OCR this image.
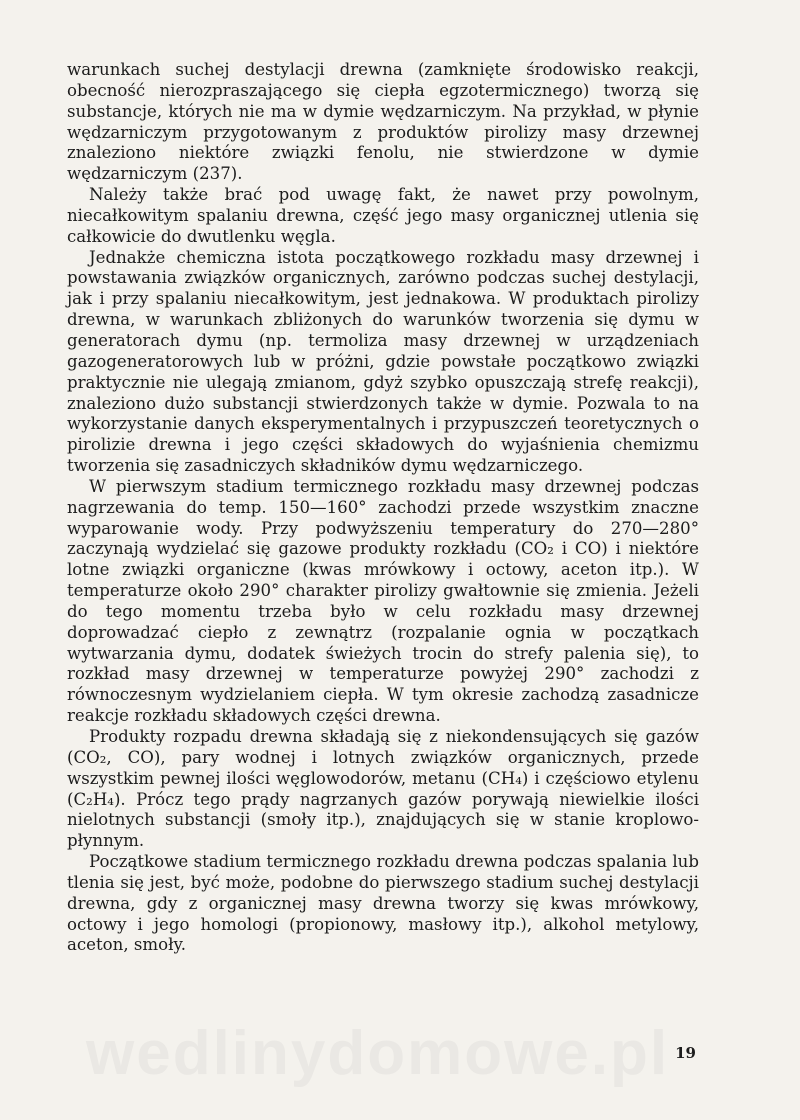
wedlinydomowe.pl

warunkach suchej destylacji drewna (zamknięte środowisko reakcji, obecność nierozpraszającego się ciepła egzotermicznego) tworzą się substancje, których nie ma w dymie wędzarniczym. Na przykład, w płynie wędzarniczym przygotowanym z produktów pirolizy masy drzewnej znaleziono niektóre związki fenolu, nie stwierdzone w dymie wędzarniczym (237).

Należy także brać pod uwagę fakt, że nawet przy powolnym, niecałkowitym spalaniu drewna, część jego masy organicznej utlenia się całkowicie do dwutlenku węgla.

Jednakże chemiczna istota początkowego rozkładu masy drzewnej i powstawania związków organicznych, zarówno podczas suchej destylacji, jak i przy spalaniu niecałkowitym, jest jednakowa. W produktach pirolizy drewna, w warunkach zbliżonych do warunków tworzenia się dymu w generatorach dymu (np. termoliza masy drzewnej w urządzeniach gazogeneratorowych lub w próżni, gdzie powstałe początkowo związki praktycznie nie ulegają zmianom, gdyż szybko opuszczają strefę reakcji), znaleziono dużo substancji stwierdzonych także w dymie. Pozwala to na wykorzystanie danych eksperymentalnych i przypuszczeń teoretycznych o pirolizie drewna i jego części składowych do wyjaśnienia chemizmu tworzenia się zasadniczych składników dymu wędzarniczego.

W pierwszym stadium termicznego rozkładu masy drzewnej podczas nagrzewania do temp. 150—160° zachodzi przede wszystkim znaczne wyparowanie wody. Przy podwyższeniu temperatury do 270—280° zaczynają wydzielać się gazowe produkty rozkładu (CO₂ i CO) i niektóre lotne związki organiczne (kwas mrówkowy i octowy, aceton itp.). W temperaturze około 290° charakter pirolizy gwałtownie się zmienia. Jeżeli do tego momentu trzeba było w celu rozkładu masy drzewnej doprowadzać ciepło z zewnątrz (rozpalanie ognia w początkach wytwarzania dymu, dodatek świeżych trocin do strefy palenia się), to rozkład masy drzewnej w temperaturze powyżej 290° zachodzi z równoczesnym wydzielaniem ciepła. W tym okresie zachodzą zasadnicze reakcje rozkładu składowych części drewna.

Produkty rozpadu drewna składają się z niekondensujących się gazów (CO₂, CO), pary wodnej i lotnych związków organicznych, przede wszystkim pewnej ilości węglowodorów, metanu (CH₄) i częściowo etylenu (C₂H₄). Prócz tego prądy nagrzanych gazów porywają niewielkie ilości nielotnych substancji (smoły itp.), znajdujących się w stanie kroplowo-płynnym.

Początkowe stadium termicznego rozkładu drewna podczas spalania lub tlenia się jest, być może, podobne do pierwszego stadium suchej destylacji drewna, gdy z organicznej masy drewna tworzy się kwas mrówkowy, octowy i jego homologi (propionowy, masłowy itp.), alkohol metylowy, aceton, smoły.

19
